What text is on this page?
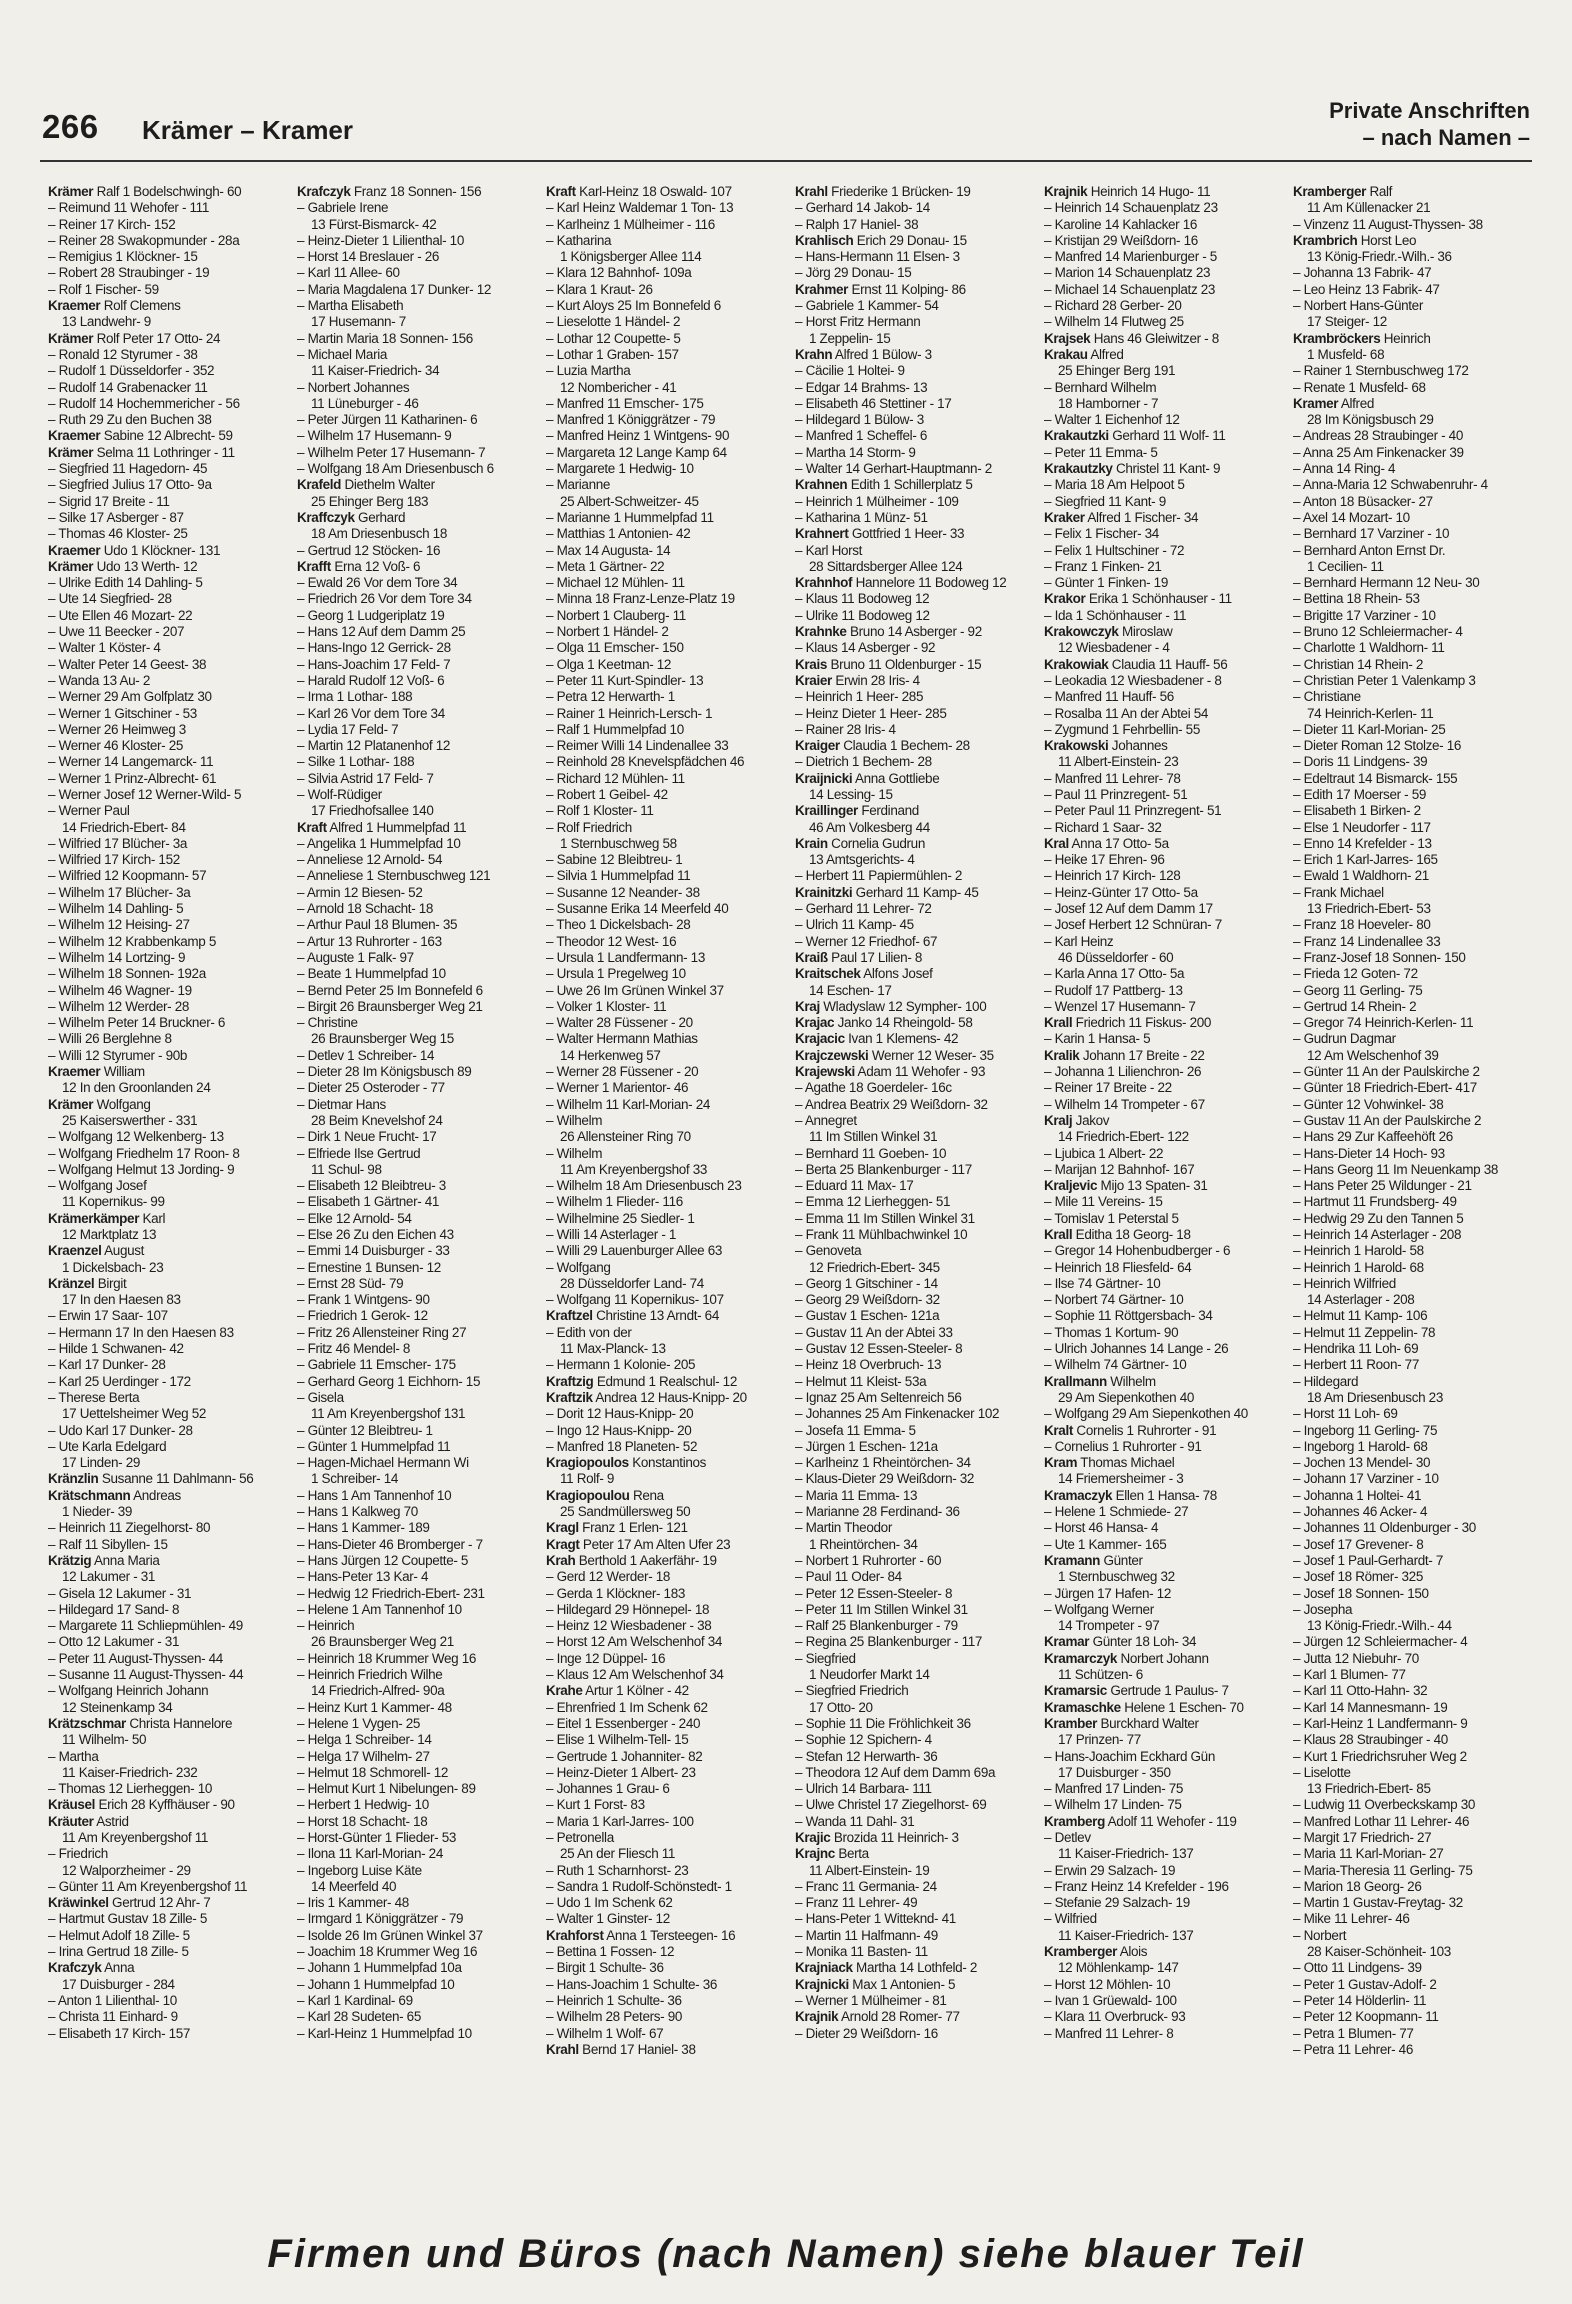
266 Krämer – Kramer
Private Anschriften
– nach Namen –
Krämer Ralf 1 Bodelschwingh- 60
– Reimund 11 Wehofer - 111
– Reiner 17 Kirch- 152
– Reiner 28 Swakopmunder - 28a
– Remigius 1 Klöckner- 15
– Robert 28 Straubinger - 19
– Rolf 1 Fischer- 59
Kraemer Rolf Clemens
13 Landwehr- 9
Krämer Rolf Peter 17 Otto- 24
– Ronald 12 Styrumer - 38
– Rudolf 1 Düsseldorfer - 352
– Rudolf 14 Grabenacker 11
– Rudolf 14 Hochemmericher - 56
– Ruth 29 Zu den Buchen 38
Kraemer Sabine 12 Albrecht- 59
Krämer Selma 11 Lothringer - 11
– Siegfried 11 Hagedorn- 45
– Siegfried Julius 17 Otto- 9a
– Sigrid 17 Breite - 11
– Silke 17 Asberger - 87
– Thomas 46 Kloster- 25
Kraemer Udo 1 Klöckner- 131
Krämer Udo 13 Werth- 12
– Ulrike Edith 14 Dahling- 5
– Ute 14 Siegfried- 28
– Ute Ellen 46 Mozart- 22
– Uwe 11 Beecker - 207
– Walter 1 Köster- 4
– Walter Peter 14 Geest- 38
– Wanda 13 Au- 2
– Werner 29 Am Golfplatz 30
– Werner 1 Gitschiner - 53
– Werner 26 Heimweg 3
– Werner 46 Kloster- 25
– Werner 14 Langemarck- 11
– Werner 1 Prinz-Albrecht- 61
– Werner Josef 12 Werner-Wild- 5
– Werner Paul
14 Friedrich-Ebert- 84
– Wilfried 17 Blücher- 3a
– Wilfried 17 Kirch- 152
– Wilfried 12 Koopmann- 57
– Wilhelm 17 Blücher- 3a
– Wilhelm 14 Dahling- 5
– Wilhelm 12 Heising- 27
– Wilhelm 12 Krabbenkamp 5
– Wilhelm 14 Lortzing- 9
– Wilhelm 18 Sonnen- 192a
– Wilhelm 46 Wagner- 19
– Wilhelm 12 Werder- 28
– Wilhelm Peter 14 Bruckner- 6
– Willi 26 Berglehne 8
– Willi 12 Styrumer - 90b
Kraemer William
12 In den Groonlanden 24
Krämer Wolfgang
25 Kaiserswerther - 331
– Wolfgang 12 Welkenberg- 13
– Wolfgang Friedhelm 17 Roon- 8
– Wolfgang Helmut 13 Jording- 9
– Wolfgang Josef
11 Kopernikus- 99
Krämerkämper Karl
12 Marktplatz 13
Kraenzel August
1 Dickelsbach- 23
Kränzel Birgit
17 In den Haesen 83
– Erwin 17 Saar- 107
– Hermann 17 In den Haesen 83
– Hilde 1 Schwanen- 42
– Karl 17 Dunker- 28
– Karl 25 Uerdinger - 172
– Therese Berta
17 Uettelsheimer Weg 52
– Udo Karl 17 Dunker- 28
– Ute Karla Edelgard
17 Linden- 29
Kränzlin Susanne 11 Dahlmann- 56
Krätschmann Andreas
1 Nieder- 39
– Heinrich 11 Ziegelhorst- 80
– Ralf 11 Sibyllen- 15
Krätzig Anna Maria
12 Lakumer - 31
– Gisela 12 Lakumer - 31
– Hildegard 17 Sand- 8
– Margarete 11 Schliepmühlen- 49
– Otto 12 Lakumer - 31
– Peter 11 August-Thyssen- 44
– Susanne 11 August-Thyssen- 44
– Wolfgang Heinrich Johann
12 Steinenkamp 34
Krätzschmar Christa Hannelore
11 Wilhelm- 50
– Martha
11 Kaiser-Friedrich- 232
– Thomas 12 Lierheggen- 10
Kräusel Erich 28 Kyffhäuser - 90
Kräuter Astrid
11 Am Kreyenbergshof 11
– Friedrich
12 Walporzheimer - 29
– Günter 11 Am Kreyenbergshof 11
Kräwinkel Gertrud 12 Ahr- 7
– Hartmut Gustav 18 Zille- 5
– Helmut Adolf 18 Zille- 5
– Irina Gertrud 18 Zille- 5
Krafczyk Anna
17 Duisburger - 284
– Anton 1 Lilienthal- 10
– Christa 11 Einhard- 9
– Elisabeth 17 Kirch- 157
Krafczyk Franz 18 Sonnen- 156
– Gabriele Irene
13 Fürst-Bismarck- 42
– Heinz-Dieter 1 Lilienthal- 10
– Horst 14 Breslauer - 26
– Karl 11 Allee- 60
– Maria Magdalena 17 Dunker- 12
– Martha Elisabeth
17 Husemann- 7
– Martin Maria 18 Sonnen- 156
– Michael Maria
11 Kaiser-Friedrich- 34
– Norbert Johannes
11 Lüneburger - 46
– Peter Jürgen 11 Katharinen- 6
– Wilhelm 17 Husemann- 9
– Wilhelm Peter 17 Husemann- 7
– Wolfgang 18 Am Driesenbusch 6
Krafeld Diethelm Walter
25 Ehinger Berg 183
Kraffczyk Gerhard
18 Am Driesenbusch 18
– Gertrud 12 Stöcken- 16
Krafft Erna 12 Voß- 6
– Ewald 26 Vor dem Tore 34
– Friedrich 26 Vor dem Tore 34
– Georg 1 Ludgeriplatz 19
– Hans 12 Auf dem Damm 25
– Hans-Ingo 12 Gerrick- 28
– Hans-Joachim 17 Feld- 7
– Harald Rudolf 12 Voß- 6
– Irma 1 Lothar- 188
– Karl 26 Vor dem Tore 34
– Lydia 17 Feld- 7
– Martin 12 Platanenhof 12
– Silke 1 Lothar- 188
– Silvia Astrid 17 Feld- 7
– Wolf-Rüdiger
17 Friedhofsallee 140
Kraft Alfred 1 Hummelpfad 11
– Angelika 1 Hummelpfad 10
– Anneliese 12 Arnold- 54
– Anneliese 1 Sternbuschweg 121
– Armin 12 Biesen- 52
– Arnold 18 Schacht- 18
– Arthur Paul 18 Blumen- 35
– Artur 13 Ruhrorter - 163
– Auguste 1 Falk- 97
– Beate 1 Hummelpfad 10
– Bernd Peter 25 Im Bonnefeld 6
– Birgit 26 Braunsberger Weg 21
– Christine
26 Braunsberger Weg 15
– Detlev 1 Schreiber- 14
– Dieter 28 Im Königsbusch 89
– Dieter 25 Osteroder - 77
– Dietmar Hans
28 Beim Knevelshof 24
– Dirk 1 Neue Frucht- 17
– Elfriede Ilse Gertrud
11 Schul- 98
– Elisabeth 12 Bleibtreu- 3
– Elisabeth 1 Gärtner- 41
– Elke 12 Arnold- 54
– Else 26 Zu den Eichen 43
– Emmi 14 Duisburger - 33
– Ernestine 1 Bunsen- 12
– Ernst 28 Süd- 79
– Frank 1 Wintgens- 90
– Friedrich 1 Gerok- 12
– Fritz 26 Allensteiner Ring 27
– Fritz 46 Mendel- 8
– Gabriele 11 Emscher- 175
– Gerhard Georg 1 Eichhorn- 15
– Gisela
11 Am Kreyenbergshof 131
– Günter 12 Bleibtreu- 1
– Günter 1 Hummelpfad 11
– Hagen-Michael Hermann Wi
1 Schreiber- 14
– Hans 1 Am Tannenhof 10
– Hans 1 Kalkweg 70
– Hans 1 Kammer- 189
– Hans-Dieter 46 Bromberger - 7
– Hans Jürgen 12 Coupette- 5
– Hans-Peter 13 Kar- 4
– Hedwig 12 Friedrich-Ebert- 231
– Helene 1 Am Tannenhof 10
– Heinrich
26 Braunsberger Weg 21
– Heinrich 18 Krummer Weg 16
– Heinrich Friedrich Wilhe
14 Friedrich-Alfred- 90a
– Heinz Kurt 1 Kammer- 48
– Helene 1 Vygen- 25
– Helga 1 Schreiber- 14
– Helga 17 Wilhelm- 27
– Helmut 18 Schmorell- 12
– Helmut Kurt 1 Nibelungen- 89
– Herbert 1 Hedwig- 10
– Horst 18 Schacht- 18
– Horst-Günter 1 Flieder- 53
– Ilona 11 Karl-Morian- 24
– Ingeborg Luise Käte
14 Meerfeld 40
– Iris 1 Kammer- 48
– Irmgard 1 Königgrätzer - 79
– Isolde 26 Im Grünen Winkel 37
– Joachim 18 Krummer Weg 16
– Johann 1 Hummelpfad 10a
– Johann 1 Hummelpfad 10
– Karl 1 Kardinal- 69
– Karl 28 Sudeten- 65
– Karl-Heinz 1 Hummelpfad 10
Kraft Karl-Heinz 18 Oswald- 107
– Karl Heinz Waldemar 1 Ton- 13
– Karlheinz 1 Mülheimer - 116
– Katharina
1 Königsberger Allee 114
– Klara 12 Bahnhof- 109a
– Klara 1 Kraut- 26
– Kurt Aloys 25 Im Bonnefeld 6
– Lieselotte 1 Händel- 2
– Lothar 12 Coupette- 5
– Lothar 1 Graben- 157
– Luzia Martha
12 Nombericher - 41
– Manfred 11 Emscher- 175
– Manfred 1 Königgrätzer - 79
– Manfred Heinz 1 Wintgens- 90
– Margareta 12 Lange Kamp 64
– Margarete 1 Hedwig- 10
– Marianne
25 Albert-Schweitzer- 45
– Marianne 1 Hummelpfad 11
– Matthias 1 Antonien- 42
– Max 14 Augusta- 14
– Meta 1 Gärtner- 22
– Michael 12 Mühlen- 11
– Minna 18 Franz-Lenze-Platz 19
– Norbert 1 Clauberg- 11
– Norbert 1 Händel- 2
– Olga 11 Emscher- 150
– Olga 1 Keetman- 12
– Peter 11 Kurt-Spindler- 13
– Petra 12 Herwarth- 1
– Rainer 1 Heinrich-Lersch- 1
– Ralf 1 Hummelpfad 10
– Reimer Willi 14 Lindenallee 33
– Reinhold 28 Knevelspfädchen 46
– Richard 12 Mühlen- 11
– Robert 1 Geibel- 42
– Rolf 1 Kloster- 11
– Rolf Friedrich
1 Sternbuschweg 58
– Sabine 12 Bleibtreu- 1
– Silvia 1 Hummelpfad 11
– Susanne 12 Neander- 38
– Susanne Erika 14 Meerfeld 40
– Theo 1 Dickelsbach- 28
– Theodor 12 West- 16
– Ursula 1 Landfermann- 13
– Ursula 1 Pregelweg 10
– Uwe 26 Im Grünen Winkel 37
– Volker 1 Kloster- 11
– Walter 28 Füssener - 20
– Walter Hermann Mathias
14 Herkenweg 57
– Werner 28 Füssener - 20
– Werner 1 Marientor- 46
– Wilhelm 11 Karl-Morian- 24
– Wilhelm
26 Allensteiner Ring 70
– Wilhelm
11 Am Kreyenbergshof 33
– Wilhelm 18 Am Driesenbusch 23
– Wilhelm 1 Flieder- 116
– Wilhelmine 25 Siedler- 1
– Willi 14 Asterlager - 1
– Willi 29 Lauenburger Allee 63
– Wolfgang
28 Düsseldorfer Land- 74
– Wolfgang 11 Kopernikus- 107
Kraftzel Christine 13 Arndt- 64
– Edith von der
11 Max-Planck- 13
– Hermann 1 Kolonie- 205
Kraftzig Edmund 1 Realschul- 12
Kraftzik Andrea 12 Haus-Knipp- 20
– Dorit 12 Haus-Knipp- 20
– Ingo 12 Haus-Knipp- 20
– Manfred 18 Planeten- 52
Kragiopoulos Konstantinos
11 Rolf- 9
Kragiopoulou Rena
25 Sandmüllersweg 50
Kragl Franz 1 Erlen- 121
Kragt Peter 17 Am Alten Ufer 23
Krah Berthold 1 Aakerfähr- 19
– Gerd 12 Werder- 18
– Gerda 1 Klöckner- 183
– Hildegard 29 Hönnepel- 18
– Heinz 12 Wiesbadener - 38
– Horst 12 Am Welschenhof 34
– Inge 12 Düppel- 16
– Klaus 12 Am Welschenhof 34
Krahe Artur 1 Kölner - 42
– Ehrenfried 1 Im Schenk 62
– Eitel 1 Essenberger - 240
– Elise 1 Wilhelm-Tell- 15
– Gertrude 1 Johanniter- 82
– Heinz-Dieter 1 Albert- 23
– Johannes 1 Grau- 6
– Kurt 1 Forst- 83
– Maria 1 Karl-Jarres- 100
– Petronella
25 An der Fliesch 11
– Ruth 1 Scharnhorst- 23
– Sandra 1 Rudolf-Schönstedt- 1
– Udo 1 Im Schenk 62
– Walter 1 Ginster- 12
Krahforst Anna 1 Tersteegen- 16
– Bettina 1 Fossen- 12
– Birgit 1 Schulte- 36
– Hans-Joachim 1 Schulte- 36
– Heinrich 1 Schulte- 36
– Wilhelm 28 Peters- 90
– Wilhelm 1 Wolf- 67
Krahl Bernd 17 Haniel- 38
Krahl Friederike 1 Brücken- 19
– Gerhard 14 Jakob- 14
– Ralph 17 Haniel- 38
Krahlisch Erich 29 Donau- 15
– Hans-Hermann 11 Elsen- 3
– Jörg 29 Donau- 15
Krahmer Ernst 11 Kolping- 86
– Gabriele 1 Kammer- 54
– Horst Fritz Hermann
1 Zeppelin- 15
Krahn Alfred 1 Bülow- 3
– Cäcilie 1 Holtei- 9
– Edgar 14 Brahms- 13
– Elisabeth 46 Stettiner - 17
– Hildegard 1 Bülow- 3
– Manfred 1 Scheffel- 6
– Martha 14 Storm- 9
– Walter 14 Gerhart-Hauptmann- 2
Krahnen Edith 1 Schillerplatz 5
– Heinrich 1 Mülheimer - 109
– Katharina 1 Münz- 51
Krahnert Gottfried 1 Heer- 33
– Karl Horst
28 Sittardsberger Allee 124
Krahnhof Hannelore 11 Bodoweg 12
– Klaus 11 Bodoweg 12
– Ulrike 11 Bodoweg 12
Krahnke Bruno 14 Asberger - 92
– Klaus 14 Asberger - 92
Krais Bruno 11 Oldenburger - 15
Kraier Erwin 28 Iris- 4
– Heinrich 1 Heer- 285
– Heinz Dieter 1 Heer- 285
– Rainer 28 Iris- 4
Kraiger Claudia 1 Bechem- 28
– Dietrich 1 Bechem- 28
Kraijnicki Anna Gottliebe
14 Lessing- 15
Kraillinger Ferdinand
46 Am Volkesberg 44
Krain Cornelia Gudrun
13 Amtsgerichts- 4
– Herbert 11 Papiermühlen- 2
Krainitzki Gerhard 11 Kamp- 45
– Gerhard 11 Lehrer- 72
– Ulrich 11 Kamp- 45
– Werner 12 Friedhof- 67
Kraiß Paul 17 Lilien- 8
Kraitschek Alfons Josef
14 Eschen- 17
Kraj Wladyslaw 12 Sympher- 100
Krajac Janko 14 Rheingold- 58
Krajacic Ivan 1 Klemens- 42
Krajczewski Werner 12 Weser- 35
Krajewski Adam 11 Wehofer - 93
– Agathe 18 Goerdeler- 16c
– Andrea Beatrix 29 Weißdorn- 32
– Annegret
11 Im Stillen Winkel 31
– Bernhard 11 Goeben- 10
– Berta 25 Blankenburger - 117
– Eduard 11 Max- 17
– Emma 12 Lierheggen- 51
– Emma 11 Im Stillen Winkel 31
– Frank 11 Mühlbachwinkel 10
– Genoveta
12 Friedrich-Ebert- 345
– Georg 1 Gitschiner - 14
– Georg 29 Weißdorn- 32
– Gustav 1 Eschen- 121a
– Gustav 11 An der Abtei 33
– Gustav 12 Essen-Steeler- 8
– Heinz 18 Overbruch- 13
– Helmut 11 Kleist- 53a
– Ignaz 25 Am Seltenreich 56
– Johannes 25 Am Finkenacker 102
– Josefa 11 Emma- 5
– Jürgen 1 Eschen- 121a
– Karlheinz 1 Rheintörchen- 34
– Klaus-Dieter 29 Weißdorn- 32
– Maria 11 Emma- 13
– Marianne 28 Ferdinand- 36
– Martin Theodor
1 Rheintörchen- 34
– Norbert 1 Ruhrorter - 60
– Paul 11 Oder- 84
– Peter 12 Essen-Steeler- 8
– Peter 11 Im Stillen Winkel 31
– Ralf 25 Blankenburger - 79
– Regina 25 Blankenburger - 117
– Siegfried
1 Neudorfer Markt 14
– Siegfried Friedrich
17 Otto- 20
– Sophie 11 Die Fröhlichkeit 36
– Sophie 12 Spichern- 4
– Stefan 12 Herwarth- 36
– Theodora 12 Auf dem Damm 69a
– Ulrich 14 Barbara- 111
– Ulwe Christel 17 Ziegelhorst- 69
– Wanda 11 Dahl- 31
Krajic Brozida 11 Heinrich- 3
Krajnc Berta
11 Albert-Einstein- 19
– Franc 11 Germania- 24
– Franz 11 Lehrer- 49
– Hans-Peter 1 Witteknd- 41
– Martin 11 Halfmann- 49
– Monika 11 Basten- 11
Krajniack Martha 14 Lothfeld- 2
Krajnicki Max 1 Antonien- 5
– Werner 1 Mülheimer - 81
Krajnik Arnold 28 Romer- 77
– Dieter 29 Weißdorn- 16
Krajnik Heinrich 14 Hugo- 11
– Heinrich 14 Schauenplatz 23
– Karoline 14 Kahlacker 16
– Kristijan 29 Weißdorn- 16
– Manfred 14 Marienburger - 5
– Marion 14 Schauenplatz 23
– Michael 14 Schauenplatz 23
– Richard 28 Gerber- 20
– Wilhelm 14 Flutweg 25
Krajsek Hans 46 Gleiwitzer - 8
Krakau Alfred
25 Ehinger Berg 191
– Bernhard Wilhelm
18 Hamborner - 7
– Walter 1 Eichenhof 12
Krakautzki Gerhard 11 Wolf- 11
– Peter 11 Emma- 5
Krakautzky Christel 11 Kant- 9
– Maria 18 Am Helpoot 5
– Siegfried 11 Kant- 9
Kraker Alfred 1 Fischer- 34
– Felix 1 Fischer- 34
– Felix 1 Hultschiner - 72
– Franz 1 Finken- 21
– Günter 1 Finken- 19
Krakor Erika 1 Schönhauser - 11
– Ida 1 Schönhauser - 11
Krakowczyk Miroslaw
12 Wiesbadener - 4
Krakowiak Claudia 11 Hauff- 56
– Leokadia 12 Wiesbadener - 8
– Manfred 11 Hauff- 56
– Rosalba 11 An der Abtei 54
– Zygmund 1 Fehrbellin- 55
Krakowski Johannes
11 Albert-Einstein- 23
– Manfred 11 Lehrer- 78
– Paul 11 Prinzregent- 51
– Peter Paul 11 Prinzregent- 51
– Richard 1 Saar- 32
Kral Anna 17 Otto- 5a
– Heike 17 Ehren- 96
– Heinrich 17 Kirch- 128
– Heinz-Günter 17 Otto- 5a
– Josef 12 Auf dem Damm 17
– Josef Herbert 12 Schnüran- 7
– Karl Heinz
46 Düsseldorfer - 60
– Karla Anna 17 Otto- 5a
– Rudolf 17 Pattberg- 13
– Wenzel 17 Husemann- 7
Krall Friedrich 11 Fiskus- 200
– Karin 1 Hansa- 5
Kralik Johann 17 Breite - 22
– Johanna 1 Lilienchron- 26
– Reiner 17 Breite - 22
– Wilhelm 14 Trompeter - 67
Kralj Jakov
14 Friedrich-Ebert- 122
– Ljubica 1 Albert- 22
– Marijan 12 Bahnhof- 167
Kraljevic Mijo 13 Spaten- 31
– Mile 11 Vereins- 15
– Tomislav 1 Peterstal 5
Krall Editha 18 Georg- 18
– Gregor 14 Hohenbudberger - 6
– Heinrich 18 Fliesfeld- 64
– Ilse 74 Gärtner- 10
– Norbert 74 Gärtner- 10
– Sophie 11 Röttgersbach- 34
– Thomas 1 Kortum- 90
– Ulrich Johannes 14 Lange - 26
– Wilhelm 74 Gärtner- 10
Krallmann Wilhelm
29 Am Siepenkothen 40
– Wolfgang 29 Am Siepenkothen 40
Kralt Cornelis 1 Ruhrorter - 91
– Cornelius 1 Ruhrorter - 91
Kram Thomas Michael
14 Friemersheimer - 3
Kramaczyk Ellen 1 Hansa- 78
– Helene 1 Schmiede- 27
– Horst 46 Hansa- 4
– Ute 1 Kammer- 165
Kramann Günter
1 Sternbuschweg 32
– Jürgen 17 Hafen- 12
– Wolfgang Werner
14 Trompeter - 97
Kramar Günter 18 Loh- 34
Kramarczyk Norbert Johann
11 Schützen- 6
Kramarsic Gertrude 1 Paulus- 7
Kramaschke Helene 1 Eschen- 70
Kramber Burckhard Walter
17 Prinzen- 77
– Hans-Joachim Eckhard Gün
17 Duisburger - 350
– Manfred 17 Linden- 75
– Wilhelm 17 Linden- 75
Kramberg Adolf 11 Wehofer - 119
– Detlev
11 Kaiser-Friedrich- 137
– Erwin 29 Salzach- 19
– Franz Heinz 14 Krefelder - 196
– Stefanie 29 Salzach- 19
– Wilfried
11 Kaiser-Friedrich- 137
Kramberger Alois
12 Möhlenkamp- 147
– Horst 12 Möhlen- 10
– Ivan 1 Grüewald- 100
– Klara 11 Overbruck- 93
– Manfred 11 Lehrer- 8
Kramberger Ralf
11 Am Küllenacker 21
– Vinzenz 11 August-Thyssen- 38
Krambrich Horst Leo
13 König-Friedr.-Wilh.- 36
– Johanna 13 Fabrik- 47
– Leo Heinz 13 Fabrik- 47
– Norbert Hans-Günter
17 Steiger- 12
Krambröckers Heinrich
1 Musfeld- 68
– Rainer 1 Sternbuschweg 172
– Renate 1 Musfeld- 68
Kramer Alfred
28 Im Königsbusch 29
– Andreas 28 Straubinger - 40
– Anna 25 Am Finkenacker 39
– Anna 14 Ring- 4
– Anna-Maria 12 Schwabenruhr- 4
– Anton 18 Büsacker- 27
– Axel 14 Mozart- 10
– Bernhard 17 Varziner - 10
– Bernhard Anton Ernst Dr.
1 Cecilien- 11
– Bernhard Hermann 12 Neu- 30
– Bettina 18 Rhein- 53
– Brigitte 17 Varziner - 10
– Bruno 12 Schleiermacher- 4
– Charlotte 1 Waldhorn- 11
– Christian 14 Rhein- 2
– Christian Peter 1 Valenkamp 3
– Christiane
74 Heinrich-Kerlen- 11
– Dieter 11 Karl-Morian- 25
– Dieter Roman 12 Stolze- 16
– Doris 11 Lindgens- 39
– Edeltraut 14 Bismarck- 155
– Edith 17 Moerser - 59
– Elisabeth 1 Birken- 2
– Else 1 Neudorfer - 117
– Enno 14 Krefelder - 13
– Erich 1 Karl-Jarres- 165
– Ewald 1 Waldhorn- 21
– Frank Michael
13 Friedrich-Ebert- 53
– Franz 18 Hoeveler- 80
– Franz 14 Lindenallee 33
– Franz-Josef 18 Sonnen- 150
– Frieda 12 Goten- 72
– Georg 11 Gerling- 75
– Gertrud 14 Rhein- 2
– Gregor 74 Heinrich-Kerlen- 11
– Gudrun Dagmar
12 Am Welschenhof 39
– Günter 11 An der Paulskirche 2
– Günter 18 Friedrich-Ebert- 417
– Günter 12 Vohwinkel- 38
– Gustav 11 An der Paulskirche 2
– Hans 29 Zur Kaffeehöft 26
– Hans-Dieter 14 Hoch- 93
– Hans Georg 11 Im Neuenkamp 38
– Hans Peter 25 Wildunger - 21
– Hartmut 11 Frundsberg- 49
– Hedwig 29 Zu den Tannen 5
– Heinrich 14 Asterlager - 208
– Heinrich 1 Harold- 58
– Heinrich 1 Harold- 68
– Heinrich Wilfried
14 Asterlager - 208
– Helmut 11 Kamp- 106
– Helmut 11 Zeppelin- 78
– Hendrika 11 Loh- 69
– Herbert 11 Roon- 77
– Hildegard
18 Am Driesenbusch 23
– Horst 11 Loh- 69
– Ingeborg 11 Gerling- 75
– Ingeborg 1 Harold- 68
– Jochen 13 Mendel- 30
– Johann 17 Varziner - 10
– Johanna 1 Holtei- 41
– Johannes 46 Acker- 4
– Johannes 11 Oldenburger - 30
– Josef 17 Grevener- 8
– Josef 1 Paul-Gerhardt- 7
– Josef 18 Römer- 325
– Josef 18 Sonnen- 150
– Josepha
13 König-Friedr.-Wilh.- 44
– Jürgen 12 Schleiermacher- 4
– Jutta 12 Niebuhr- 70
– Karl 1 Blumen- 77
– Karl 11 Otto-Hahn- 32
– Karl 14 Mannesmann- 19
– Karl-Heinz 1 Landfermann- 9
– Klaus 28 Straubinger - 40
– Kurt 1 Friedrichsruher Weg 2
– Liselotte
13 Friedrich-Ebert- 85
– Ludwig 11 Overbeckskamp 30
– Manfred Lothar 11 Lehrer- 46
– Margit 17 Friedrich- 27
– Maria 11 Karl-Morian- 27
– Maria-Theresia 11 Gerling- 75
– Marion 18 Georg- 26
– Martin 1 Gustav-Freytag- 32
– Mike 11 Lehrer- 46
– Norbert
28 Kaiser-Schönheit- 103
– Otto 11 Lindgens- 39
– Peter 1 Gustav-Adolf- 2
– Peter 14 Hölderlin- 11
– Peter 12 Koopmann- 11
– Petra 1 Blumen- 77
– Petra 11 Lehrer- 46
Firmen und Büros (nach Namen) siehe blauer Teil
